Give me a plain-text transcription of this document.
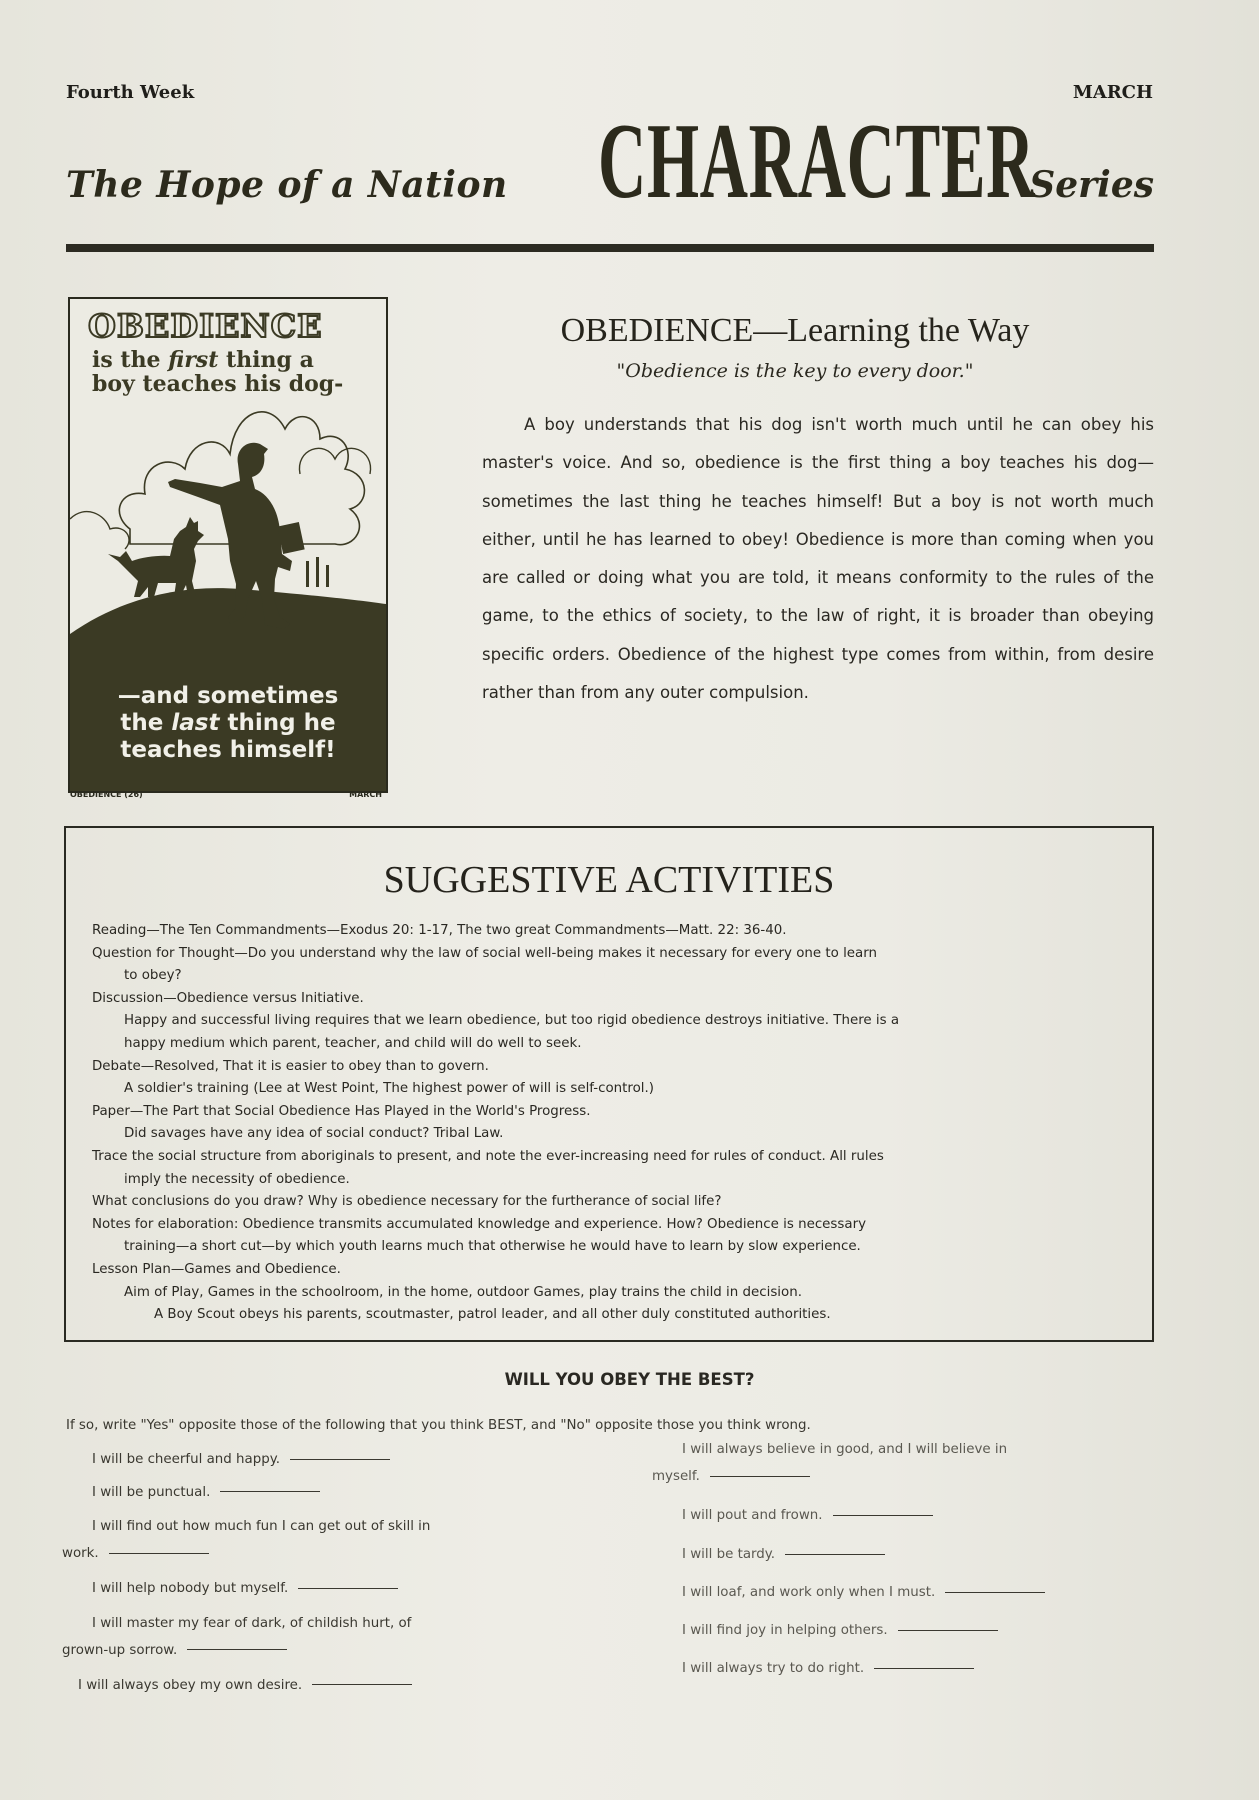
Fourth Week	MARCH
The Hope of a Nation CHARACTER
Series
OBEDIENCE
is the first thing a
boy teaches his dog-
—and sometimes
the last thing he
teaches himself!
OBEDIENCE (26)	MARCH
OBEDIENCE—Learning the Way
"Obedience is the key to every door."
A boy understands that his dog isn't worth much until he can obey his master's voice. And so, obedience is the first thing a boy teaches his dog—sometimes the last thing he teaches himself! But a boy is not worth much either, until he has learned to obey! Obedience is more than coming when you are called or doing what you are told, it means conformity to the rules of the game, to the ethics of society, to the law of right, it is broader than obeying specific orders. Obedience of the highest type comes from within, from desire rather than from any outer compulsion.
SUGGESTIVE ACTIVITIES
Reading—The Ten Commandments—Exodus 20: 1-17, The two great Commandments—Matt. 22: 36-40.
Question for Thought—Do you understand why the law of social well-being makes it necessary for every one to learn
to obey?
Discussion—Obedience versus Initiative.
Happy and successful living requires that we learn obedience, but too rigid obedience destroys initiative. There is a
happy medium which parent, teacher, and child will do well to seek.
Debate—Resolved, That it is easier to obey than to govern.
A soldier's training (Lee at West Point, The highest power of will is self-control.)
Paper—The Part that Social Obedience Has Played in the World's Progress.
Did savages have any idea of social conduct? Tribal Law.
Trace the social structure from aboriginals to present, and note the ever-increasing need for rules of conduct. All rules
imply the necessity of obedience.
What conclusions do you draw? Why is obedience necessary for the furtherance of social life?
Notes for elaboration: Obedience transmits accumulated knowledge and experience. How? Obedience is necessary
training—a short cut—by which youth learns much that otherwise he would have to learn by slow experience.
Lesson Plan—Games and Obedience.
Aim of Play, Games in the schoolroom, in the home, outdoor Games, play trains the child in decision.
A Boy Scout obeys his parents, scoutmaster, patrol leader, and all other duly constituted authorities.
WILL YOU OBEY THE BEST?
If so, write "Yes" opposite those of the following that you think BEST, and "No" opposite those you think wrong.
I will be cheerful and happy.
I will be punctual.
I will find out how much fun I can get out of skill in
work.
I will help nobody but myself.
I will master my fear of dark, of childish hurt, of
grown-up sorrow.
I will always obey my own desire.
I will always believe in good, and I will believe in
myself.
I will pout and frown.
I will be tardy.
I will loaf, and work only when I must.
I will find joy in helping others.
I will always try to do right.
